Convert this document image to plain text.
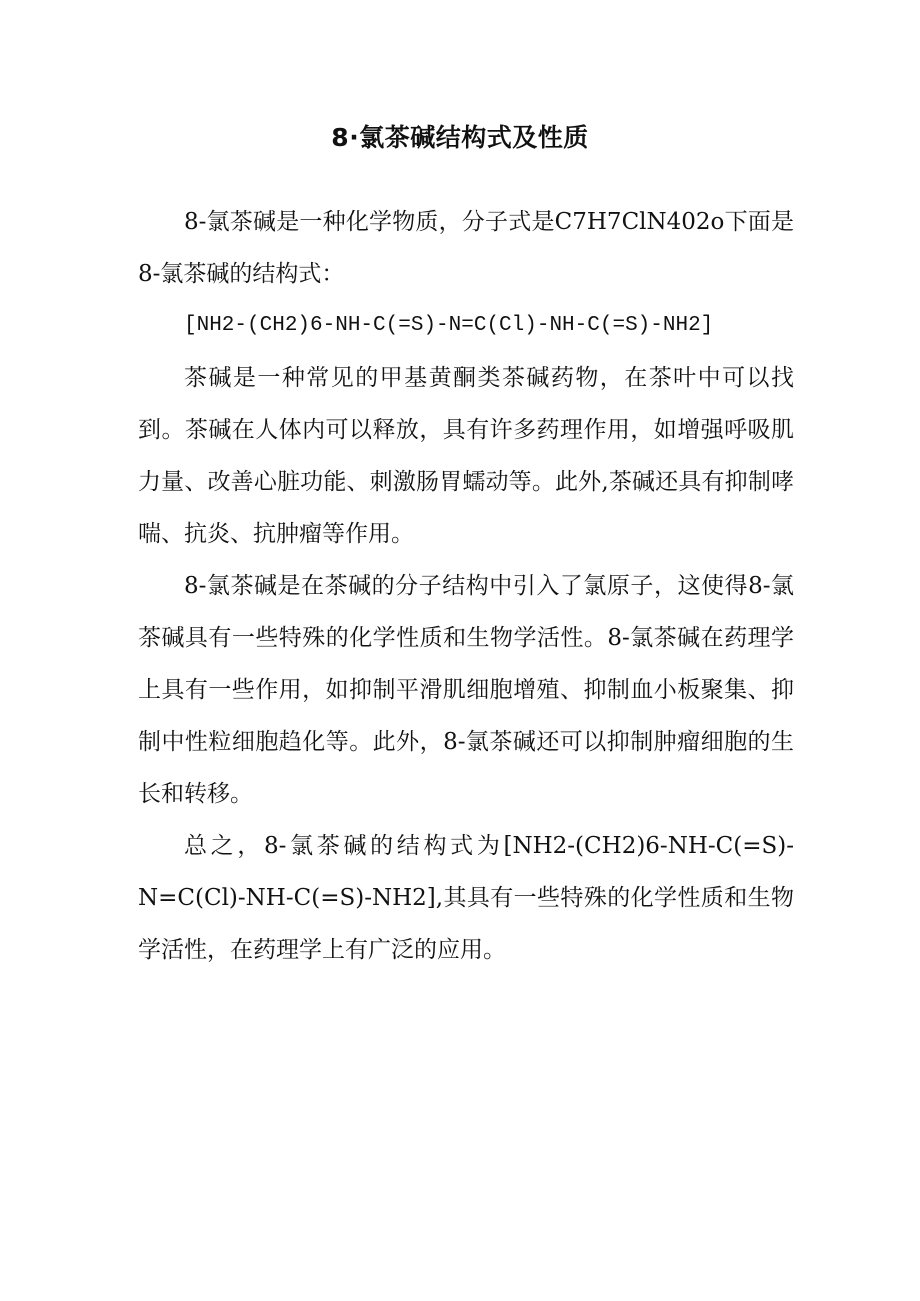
8·氯茶碱结构式及性质

8-氯茶碱是一种化学物质，分子式是C7H7ClN402o下面是8-氯茶碱的结构式：

[NH2-(CH2)6-NH-C(=S)-N=C(Cl)-NH-C(=S)-NH2]

茶碱是一种常见的甲基黄酮类茶碱药物，在茶叶中可以找到。茶碱在人体内可以释放，具有许多药理作用，如增强呼吸肌力量、改善心脏功能、刺激肠胃蠕动等。此外,茶碱还具有抑制哮喘、抗炎、抗肿瘤等作用。

8-氯茶碱是在茶碱的分子结构中引入了氯原子，这使得8-氯茶碱具有一些特殊的化学性质和生物学活性。8-氯茶碱在药理学上具有一些作用，如抑制平滑肌细胞增殖、抑制血小板聚集、抑制中性粒细胞趋化等。此外，8-氯茶碱还可以抑制肿瘤细胞的生长和转移。

总之，8-氯茶碱的结构式为[NH2-(CH2)6-NH-C(=S)-N=C(Cl)-NH-C(=S)-NH2],其具有一些特殊的化学性质和生物学活性，在药理学上有广泛的应用。
